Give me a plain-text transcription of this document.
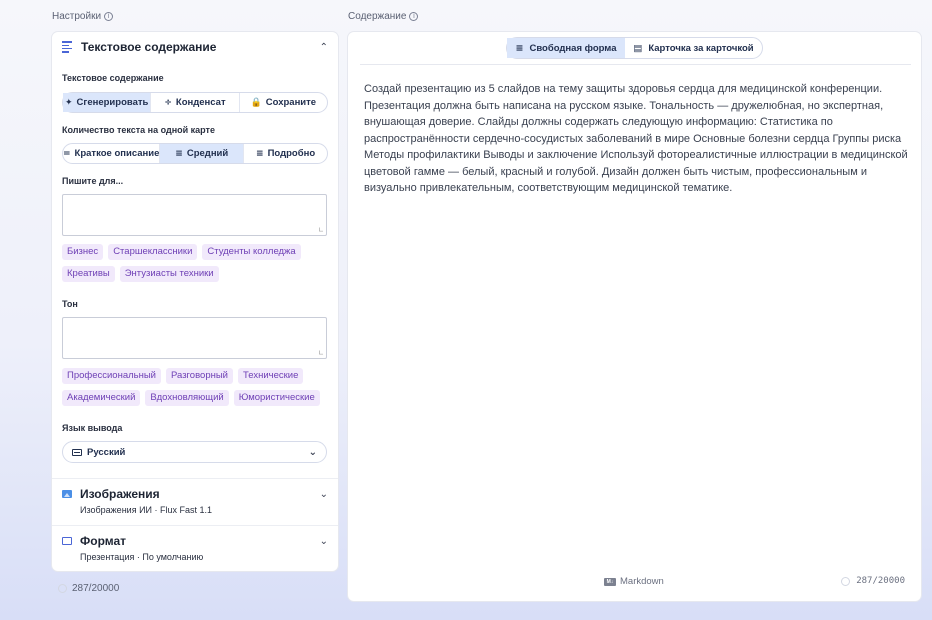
Настройки i	Содержание i
Текстовое содержание	⌃
Текстовое содержание
✦ Сгенерировать ÷ Конденсат	🔒 Сохраните
Количество текста на одной карте
= Краткое описание ≡ Средний	≡ Подробно
Пишите для...
∟
Бизнес	Старшеклассники	Студенты колледжа
Креативы	Энтузиасты техники
Тон
∟
Профессиональный	Разговорный	Технические
Академический	Вдохновляющий	Юмористические
Язык вывода
Русский	⌄
Изображения	⌄
Изображения ИИ · Flux Fast 1.1
Формат	⌄
Презентация · По умолчанию
287/20000
≡ Свободная форма ▤ Карточка за карточкой
Создай презентацию из 5 слайдов на тему защиты здоровья сердца для медицинской конференции. Презентация должна быть написана на русском языке. Тональность — дружелюбная, но экспертная, внушающая доверие. Слайды должны содержать следующую информацию: Статистика по распространённости сердечно-сосудистых заболеваний в мире Основные болезни сердца Группы риска Методы профилактики Выводы и заключение Используй фотореалистичные иллюстрации в медицинской цветовой гамме — белый, красный и голубой. Дизайн должен быть чистым, профессиональным и визуально привлекательным, соответствующим медицинской тематике.
M↓ Markdown	287/20000
